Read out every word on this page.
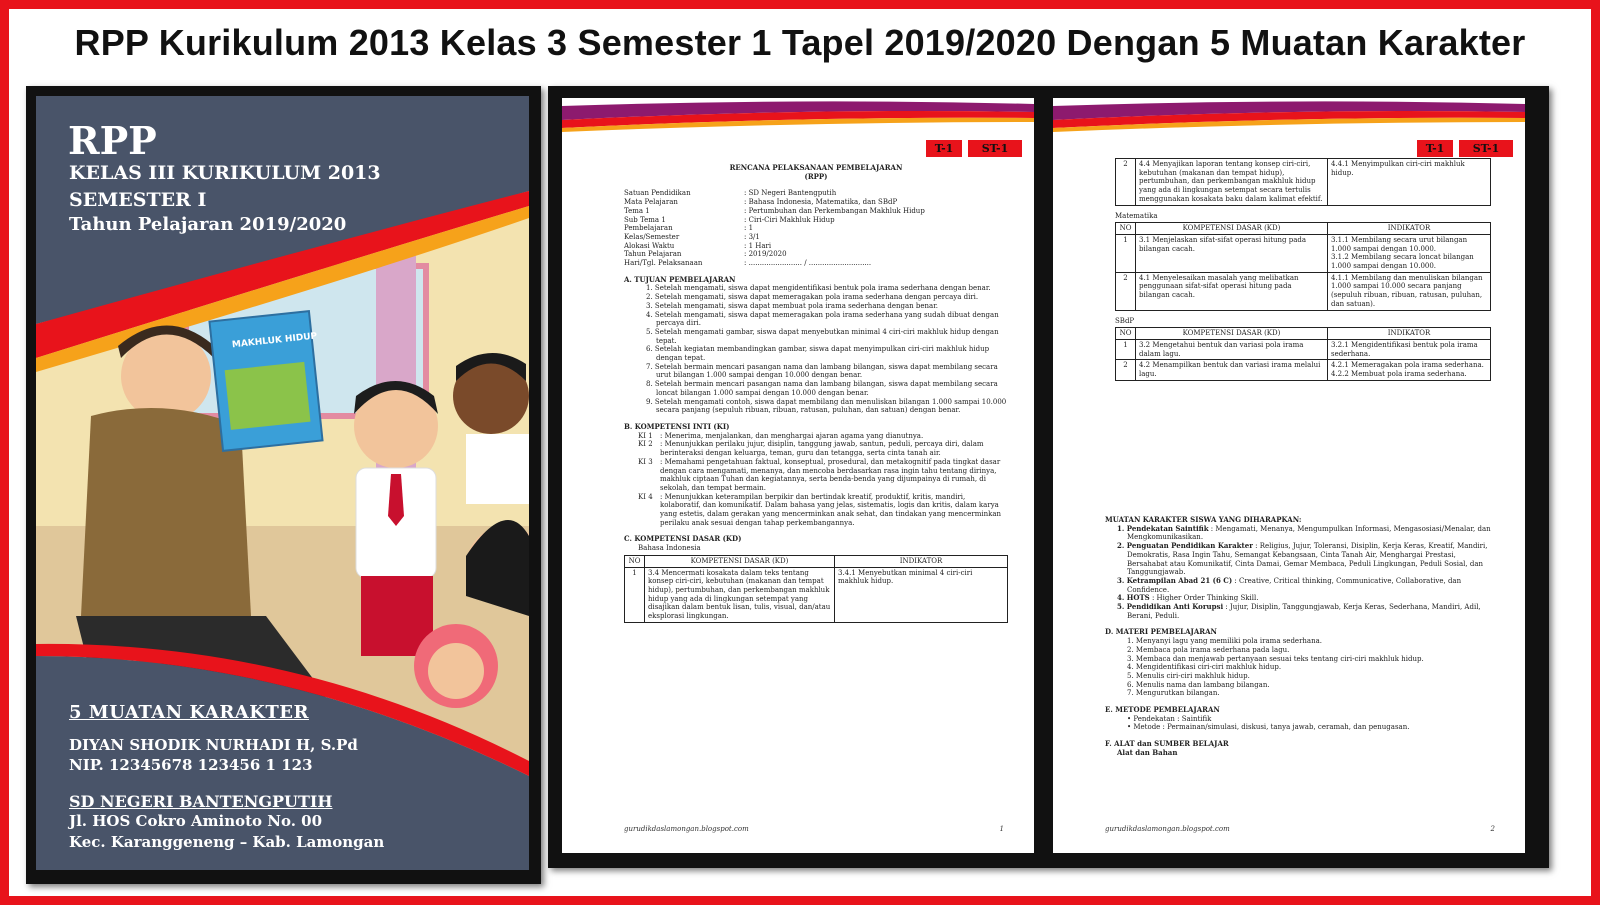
RPP Kurikulum 2013 Kelas 3 Semester 1 Tapel 2019/2020 Dengan 5 Muatan Karakter
MAKHLUK HIDUP
RPP
KELAS III KURIKULUM 2013
SEMESTER I
Tahun Pelajaran 2019/2020
5 MUATAN KARAKTER
DIYAN SHODIK NURHADI H, S.Pd
NIP. 12345678 123456 1 123
SD NEGERI BANTENGPUTIH
Jl. HOS Cokro Aminoto No. 00
Kec. Karanggeneng – Kab. Lamongan
T-1	ST-1
RENCANA PELAKSANAAN PEMBELAJARAN
(RPP)
Satuan Pendidikan	: SD Negeri Bantengputih
Mata Pelajaran	: Bahasa Indonesia, Matematika, dan SBdP
Tema 1	: Pertumbuhan dan Perkembangan Makhluk Hidup
Sub Tema 1	: Ciri-Ciri Makhluk Hidup
Pembelajaran	: 1
Kelas/Semester	: 3/1
Alokasi Waktu	: 1 Hari
Tahun Pelajaran	: 2019/2020
Hari/Tgl. Pelaksanaan	: ........................ / ............................
A. TUJUAN PEMBELAJARAN
1. Setelah mengamati, siswa dapat mengidentifikasi bentuk pola irama sederhana dengan benar.
2. Setelah mengamati, siswa dapat memeragakan pola irama sederhana dengan percaya diri.
3. Setelah mengamati, siswa dapat membuat pola irama sederhana dengan benar.
4. Setelah mengamati, siswa dapat memeragakan pola irama sederhana yang sudah dibuat dengan percaya diri.
5. Setelah mengamati gambar, siswa dapat menyebutkan minimal 4 ciri-ciri makhluk hidup dengan tepat.
6. Setelah kegiatan membandingkan gambar, siswa dapat menyimpulkan ciri-ciri makhluk hidup dengan tepat.
7. Setelah bermain mencari pasangan nama dan lambang bilangan, siswa dapat membilang secara urut bilangan 1.000 sampai dengan 10.000 dengan benar.
8. Setelah bermain mencari pasangan nama dan lambang bilangan, siswa dapat membilang secara loncat bilangan 1.000 sampai dengan 10.000 dengan benar.
9. Setelah mengamati contoh, siswa dapat membilang dan menuliskan bilangan 1.000 sampai 10.000 secara panjang (sepuluh ribuan, ribuan, ratusan, puluhan, dan satuan) dengan benar.
B. KOMPETENSI INTI (KI)
KI 1	: Menerima, menjalankan, dan menghargai ajaran agama yang dianutnya.
KI 2	: Menunjukkan perilaku jujur, disiplin, tanggung jawab, santun, peduli, percaya diri, dalam berinteraksi dengan keluarga, teman, guru dan tetangga, serta cinta tanah air.
KI 3	: Memahami pengetahuan faktual, konseptual, prosedural, dan metakognitif pada tingkat dasar dengan cara mengamati, menanya, dan mencoba berdasarkan rasa ingin tahu tentang dirinya, makhluk ciptaan Tuhan dan kegiatannya, serta benda-benda yang dijumpainya di rumah, di sekolah, dan tempat bermain.
KI 4	: Menunjukkan keterampilan berpikir dan bertindak kreatif, produktif, kritis, mandiri, kolaboratif, dan komunikatif. Dalam bahasa yang jelas, sistematis, logis dan kritis, dalam karya yang estetis, dalam gerakan yang mencerminkan anak sehat, dan tindakan yang mencerminkan perilaku anak sesuai dengan tahap perkembangannya.
C. KOMPETENSI DASAR (KD)
Bahasa Indonesia
NO	KOMPETENSI DASAR (KD)	INDIKATOR
1	3.4 Mencermati kosakata dalam teks tentang konsep ciri-ciri, kebutuhan (makanan dan tempat hidup), pertumbuhan, dan perkembangan makhluk hidup yang ada di lingkungan setempat yang disajikan dalam bentuk lisan, tulis, visual, dan/atau eksplorasi lingkungan.	3.4.1 Menyebutkan minimal 4 ciri-ciri makhluk hidup.
gurudikdaslamongan.blogspot.com	1
T-1	ST-1
2	4.4 Menyajikan laporan tentang konsep ciri-ciri, kebutuhan (makanan dan tempat hidup), pertumbuhan, dan perkembangan makhluk hidup yang ada di lingkungan setempat secara tertulis menggunakan kosakata baku dalam kalimat efektif.	4.4.1 Menyimpulkan ciri-ciri makhluk hidup.
Matematika
NO	KOMPETENSI DASAR (KD)	INDIKATOR
1	3.1 Menjelaskan sifat-sifat operasi hitung pada bilangan cacah.	3.1.1 Membilang secara urut bilangan 1.000 sampai dengan 10.000.
3.1.2 Membilang secara loncat bilangan 1.000 sampai dengan 10.000.

2	4.1 Menyelesaikan masalah yang melibatkan penggunaan sifat-sifat operasi hitung pada bilangan cacah.	4.1.1 Membilang dan menuliskan bilangan 1.000 sampai 10.000 secara panjang (sepuluh ribuan, ribuan, ratusan, puluhan, dan satuan).
SBdP
NO	KOMPETENSI DASAR (KD)	INDIKATOR
1	3.2 Mengetahui bentuk dan variasi pola irama dalam lagu.	3.2.1 Mengidentifikasi bentuk pola irama sederhana.
2	4.2 Menampilkan bentuk dan variasi irama melalui lagu.	4.2.1 Memeragakan pola irama sederhana.
4.2.2 Membuat pola irama sederhana.
MUATAN KARAKTER SISWA YANG DIHARAPKAN:
1. Pendekatan Saintifik : Mengamati, Menanya, Mengumpulkan Informasi, Mengasosiasi/Menalar, dan Mengkomunikasikan.
2. Penguatan Pendidikan Karakter : Religius, Jujur, Toleransi, Disiplin, Kerja Keras, Kreatif, Mandiri, Demokratis, Rasa Ingin Tahu, Semangat Kebangsaan, Cinta Tanah Air, Menghargai Prestasi, Bersahabat atau Komunikatif, Cinta Damai, Gemar Membaca, Peduli Lingkungan, Peduli Sosial, dan Tanggungjawab.
3. Ketrampilan Abad 21 (6 C) : Creative, Critical thinking, Communicative, Collaborative, dan Confidence.
4. HOTS : Higher Order Thinking Skill.
5. Pendidikan Anti Korupsi : Jujur, Disiplin, Tanggungjawab, Kerja Keras, Sederhana, Mandiri, Adil, Berani, Peduli.
D. MATERI PEMBELAJARAN
1. Menyanyi lagu yang memiliki pola irama sederhana.
2. Membaca pola irama sederhana pada lagu.
3. Membaca dan menjawab pertanyaan sesuai teks tentang ciri-ciri makhluk hidup.
4. Mengidentifikasi ciri-ciri makhluk hidup.
5. Menulis ciri-ciri makhluk hidup.
6. Menulis nama dan lambang bilangan.
7. Mengurutkan bilangan.
E. METODE PEMBELAJARAN
• Pendekatan : Saintifik
• Metode : Permainan/simulasi, diskusi, tanya jawab, ceramah, dan penugasan.
F. ALAT dan SUMBER BELAJAR
Alat dan Bahan
gurudikdaslamongan.blogspot.com	2
